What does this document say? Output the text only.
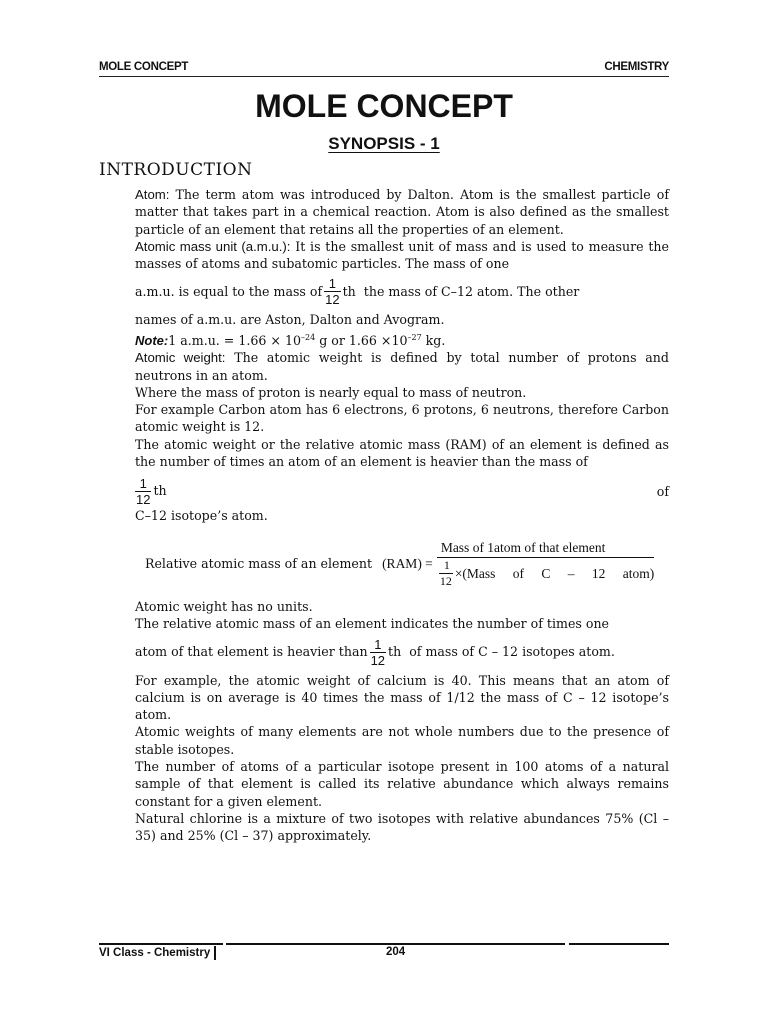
MOLE CONCEPT	CHEMISTRY
MOLE CONCEPT
SYNOPSIS - 1
INTRODUCTION

Atom: The term atom was introduced by Dalton. Atom is the smallest particle of matter that takes part in a chemical reaction. Atom is also defined as the smallest particle of an element that retains all the properties of an element.

Atomic mass unit (a.m.u.): It is the smallest unit of mass and is used to measure the masses of atoms and subatomic particles. The mass of one

a.m.u. is equal to the mass of $\frac{1}{12}$ th  the mass of C–12 atom. The other

names of a.m.u. are Aston, Dalton and Avogram.

Note:1 a.m.u. = $1.66 \times 10^{-24}$ g or $1.66 \times 10^{-27}$ kg.

Atomic weight: The atomic weight is defined by total number of protons and neutrons in an atom.

Where the mass of proton is nearly equal to mass of neutron.

For example Carbon atom has 6 electrons, 6 protons, 6 neutrons, therefore Carbon atomic weight is 12.

The atomic weight or the relative atomic mass (RAM) of an element is defined as the number of times an atom of an element is heavier than the mass of

$\frac{1}{12}$ th	of

C–12 isotope’s atom.

Relative atomic mass of an element $(RAM) = \frac{\text{Mass of 1atom of that element}}{\frac{1}{12} \times(Mass of C - 12 atom)}$

Atomic weight has no units.

The relative atomic mass of an element indicates the number of times one

atom of that element is heavier than $\frac{1}{12}$ th  of mass of C – 12 isotopes atom.

For example, the atomic weight of calcium is 40. This means that an atom of calcium is on average is 40 times the mass of 1/12 the mass of C – 12 isotope’s atom.

Atomic weights of many elements are not whole numbers due to the presence of stable isotopes.

The number of atoms of a particular isotope present in 100 atoms of a natural sample of that element is called its relative abundance which always remains constant for a given element.

Natural chlorine is a mixture of two isotopes with relative abundances 75% (Cl – 35) and 25% (Cl – 37) approximately.

VI Class - Chemistry	204
